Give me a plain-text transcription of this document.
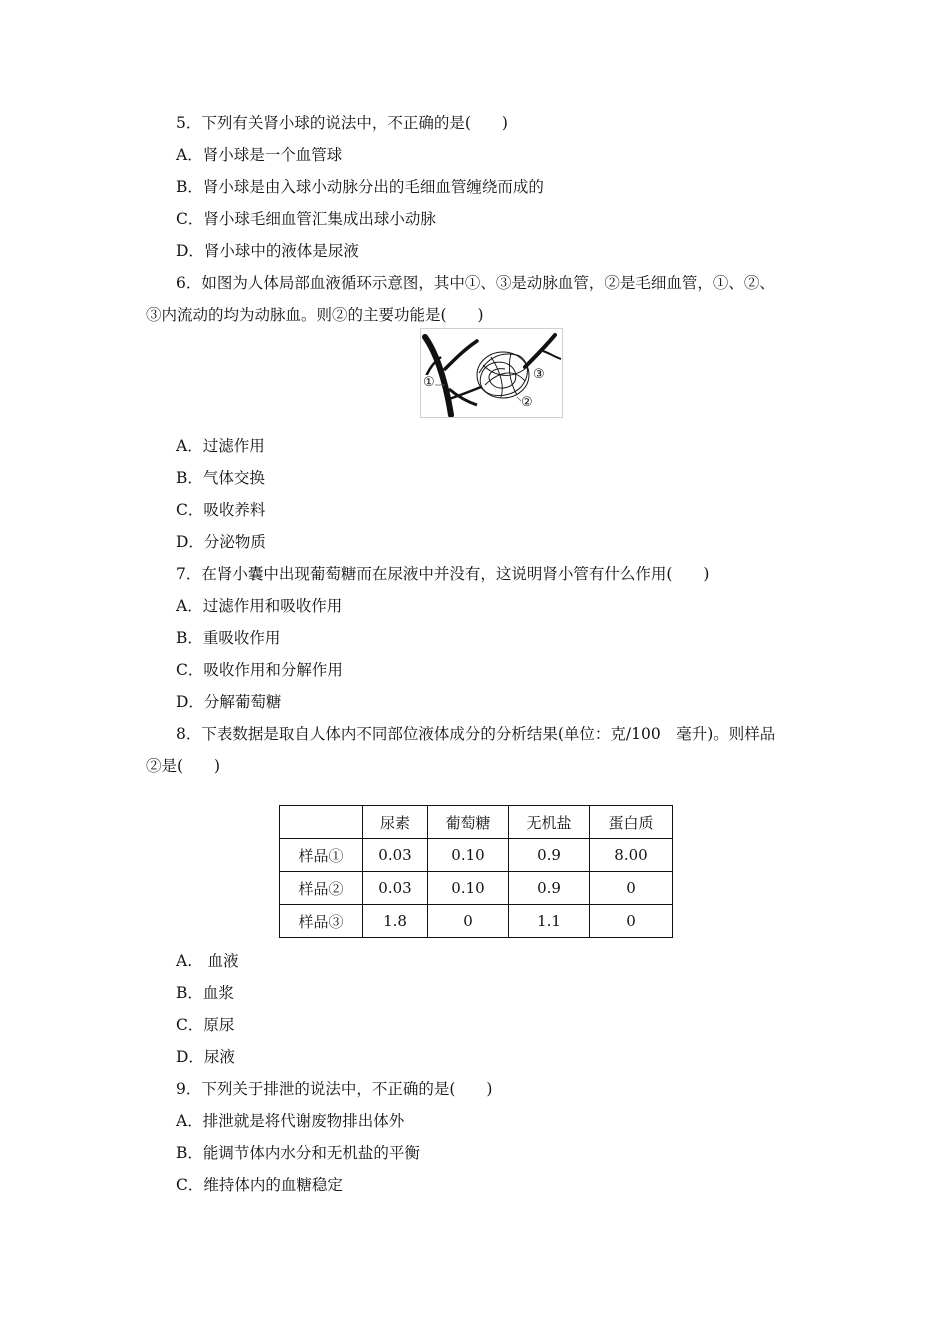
5．下列有关肾小球的说法中，不正确的是(　　)
A．肾小球是一个血管球
B．肾小球是由入球小动脉分出的毛细血管缠绕而成的
C．肾小球毛细血管汇集成出球小动脉
D．肾小球中的液体是尿液
6．如图为人体局部血液循环示意图，其中①、③是动脉血管，②是毛细血管，①、②、
③内流动的均为动脉血。则②的主要功能是(　　)
①
②
③
A．过滤作用
B．气体交换
C．吸收养料
D．分泌物质
7．在肾小囊中出现葡萄糖而在尿液中并没有，这说明肾小管有什么作用(　　)
A．过滤作用和吸收作用
B．重吸收作用
C．吸收作用和分解作用
D．分解葡萄糖
8．下表数据是取自人体内不同部位液体成分的分析结果(单位：克/100　毫升)。则样品
②是(　　)
	尿素	葡萄糖	无机盐	蛋白质
样品①	0.03	0.10	0.9	8.00
样品②	0.03	0.10	0.9	0
样品③	1.8	0	1.1	0
A.　血液
B．血浆
C．原尿
D．尿液
9．下列关于排泄的说法中，不正确的是(　　)
A．排泄就是将代谢废物排出体外
B．能调节体内水分和无机盐的平衡
C．维持体内的血糖稳定
